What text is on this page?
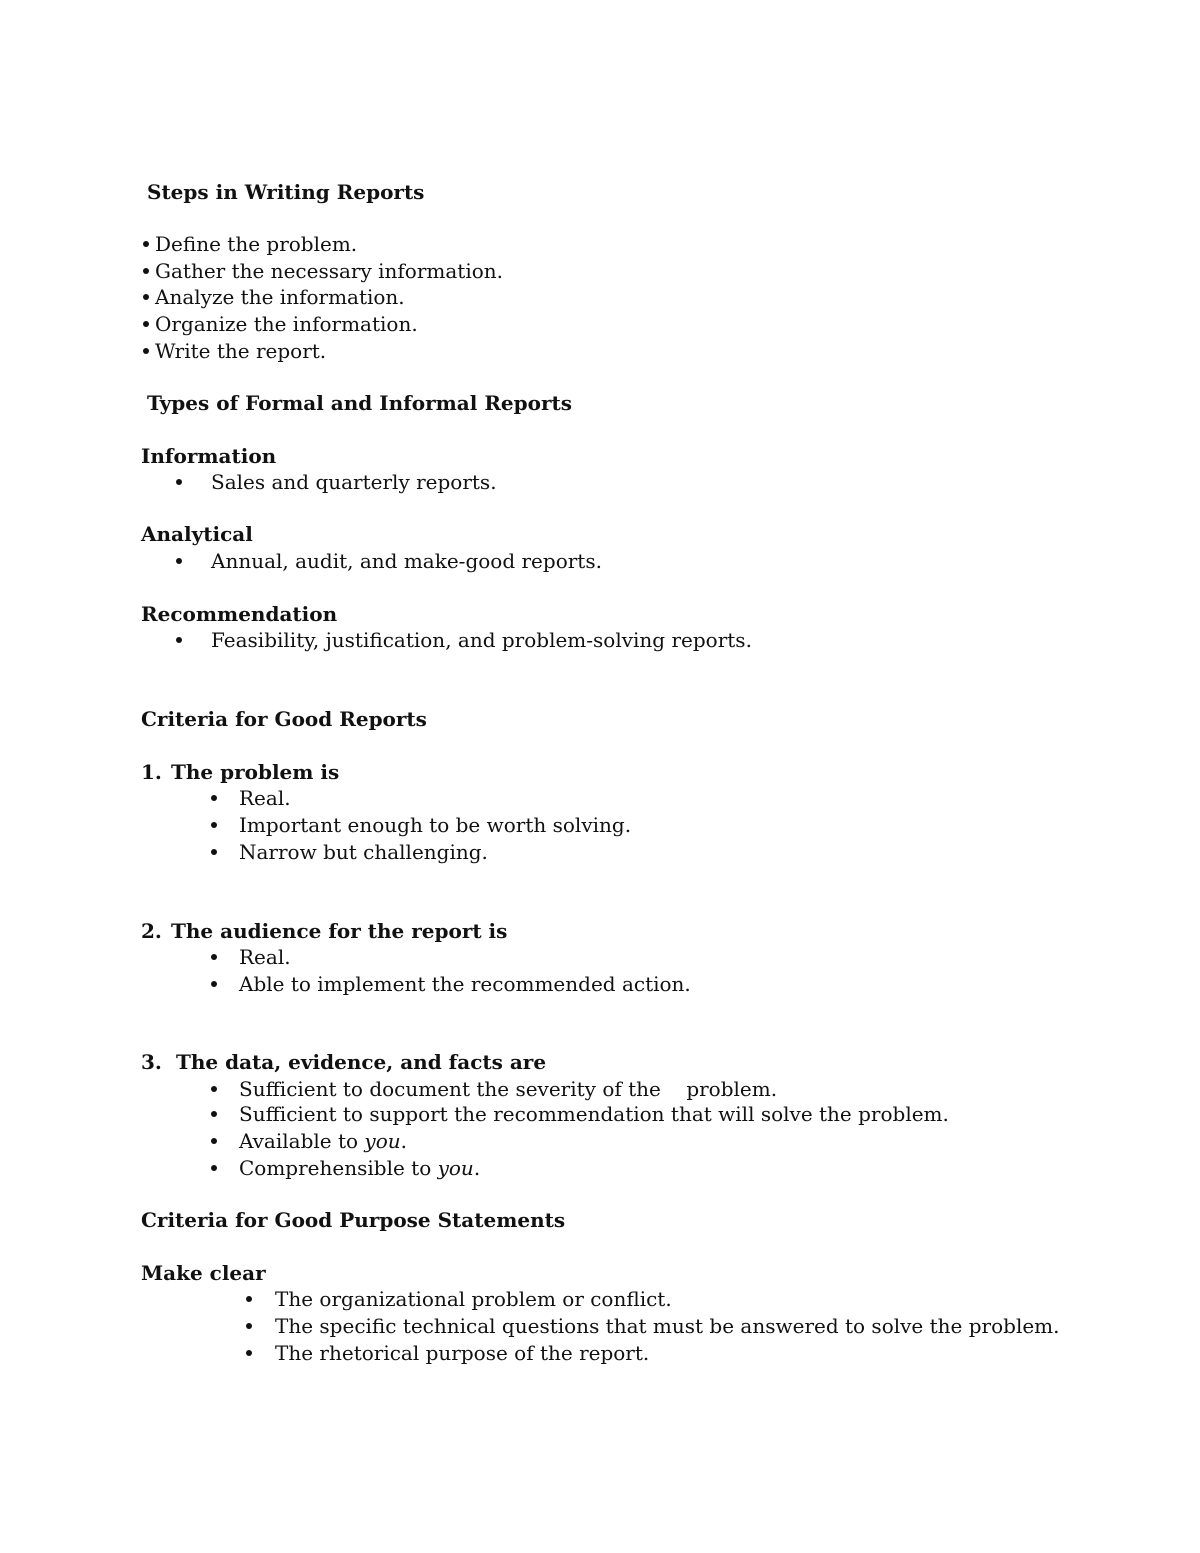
Steps in Writing Reports
Define the problem.
Gather the necessary information.
Analyze the information.
Organize the information.
Write the report.
Types of Formal and Informal Reports
Information
Sales and quarterly reports.
Analytical
Annual, audit, and make-good reports.
Recommendation
Feasibility, justification, and problem-solving reports.
Criteria for Good Reports
1. The problem is
Real.
Important enough to be worth solving.
Narrow but challenging.
2. The audience for the report is
Real.
Able to implement the recommended action.
3. The data, evidence, and facts are
Sufficient to document the severity of the    problem.
Sufficient to support the recommendation that will solve the problem.
Available to you.
Comprehensible to you.
Criteria for Good Purpose Statements
Make clear
The organizational problem or conflict.
The specific technical questions that must be answered to solve the problem.
The rhetorical purpose of the report.
